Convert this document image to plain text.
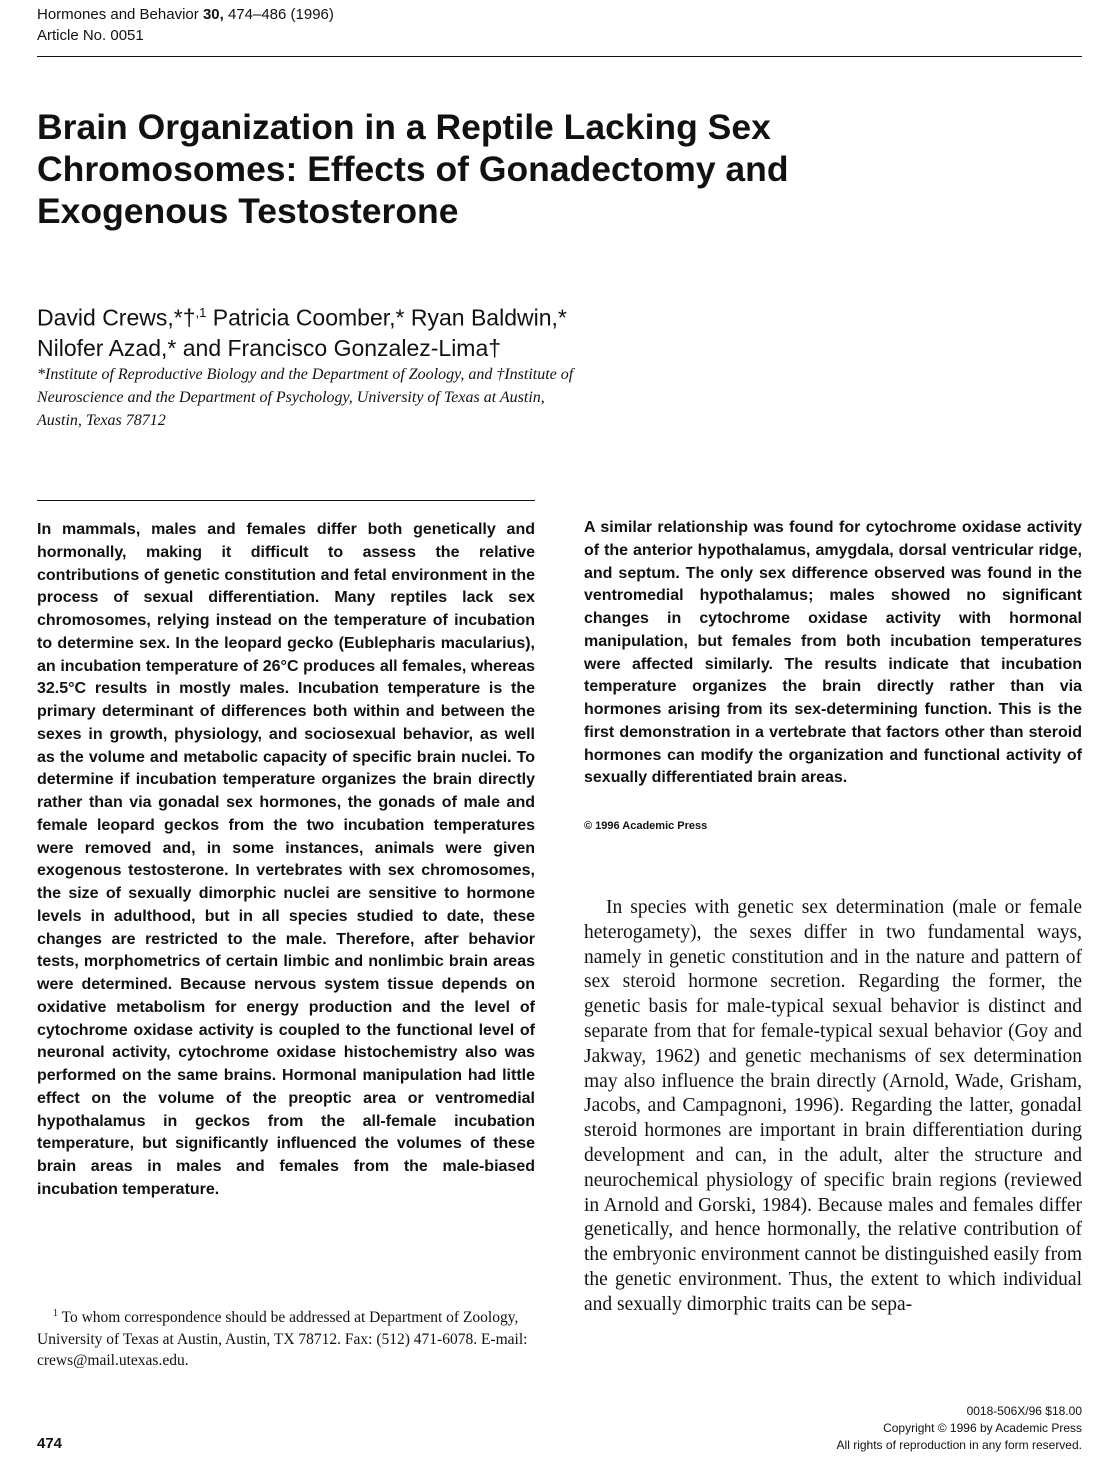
Hormones and Behavior 30, 474–486 (1996)
Article No. 0051
Brain Organization in a Reptile Lacking Sex
Chromosomes: Effects of Gonadectomy and
Exogenous Testosterone
David Crews,*†$^{,1}$ Patricia Coomber,* Ryan Baldwin,*
Nilofer Azad,* and Francisco Gonzalez-Lima†
*Institute of Reproductive Biology and the Department of Zoology, and †Institute of
Neuroscience and the Department of Psychology, University of Texas at Austin,
Austin, Texas 78712
In mammals, males and females differ both genetically and hormonally, making it difficult to assess the relative contributions of genetic constitution and fetal environment in the process of sexual differentiation. Many reptiles lack sex chromosomes, relying instead on the temperature of incubation to determine sex. In the leopard gecko (Eublepharis macularius), an incubation temperature of 26°C produces all females, whereas 32.5°C results in mostly males. Incubation temperature is the primary determinant of differences both within and between the sexes in growth, physiology, and sociosexual behavior, as well as the volume and metabolic capacity of specific brain nuclei. To determine if incubation temperature organizes the brain directly rather than via gonadal sex hormones, the gonads of male and female leopard geckos from the two incubation temperatures were removed and, in some instances, animals were given exogenous testosterone. In vertebrates with sex chromosomes, the size of sexually dimorphic nuclei are sensitive to hormone levels in adulthood, but in all species studied to date, these changes are restricted to the male. Therefore, after behavior tests, morphometrics of certain limbic and nonlimbic brain areas were determined. Because nervous system tissue depends on oxidative metabolism for energy production and the level of cytochrome oxidase activity is coupled to the functional level of neuronal activity, cytochrome oxidase histochemistry also was performed on the same brains. Hormonal manipulation had little effect on the volume of the preoptic area or ventromedial hypothalamus in geckos from the all-female incubation temperature, but significantly influenced the volumes of these brain areas in males and females from the male-biased incubation temperature.
A similar relationship was found for cytochrome oxidase activity of the anterior hypothalamus, amygdala, dorsal ventricular ridge, and septum. The only sex difference observed was found in the ventromedial hypothalamus; males showed no significant changes in cytochrome oxidase activity with hormonal manipulation, but females from both incubation temperatures were affected similarly. The results indicate that incubation temperature organizes the brain directly rather than via hormones arising from its sex-determining function. This is the first demonstration in a vertebrate that factors other than steroid hormones can modify the organization and functional activity of sexually differentiated brain areas.
© 1996 Academic Press

In species with genetic sex determination (male or female heterogamety), the sexes differ in two fundamental ways, namely in genetic constitution and in the nature and pattern of sex steroid hormone secretion. Regarding the former, the genetic basis for male-typical sexual behavior is distinct and separate from that for female-typical sexual behavior (Goy and Jakway, 1962) and genetic mechanisms of sex determination may also influence the brain directly (Arnold, Wade, Grisham, Jacobs, and Campagnoni, 1996). Regarding the latter, gonadal steroid hormones are important in brain differentiation during development and can, in the adult, alter the structure and neurochemical physiology of specific brain regions (reviewed in Arnold and Gorski, 1984). Because males and females differ genetically, and hence hormonally, the relative contribution of the embryonic environment cannot be distinguished easily from the genetic environment. Thus, the extent to which individual and sexually dimorphic traits can be sepa-

$^1$ To whom correspondence should be addressed at Department of Zoology, University of Texas at Austin, Austin, TX 78712. Fax: (512) 471-6078. E-mail: crews@mail.utexas.edu.

474
0018-506X/96 $18.00
Copyright © 1996 by Academic Press
All rights of reproduction in any form reserved.
